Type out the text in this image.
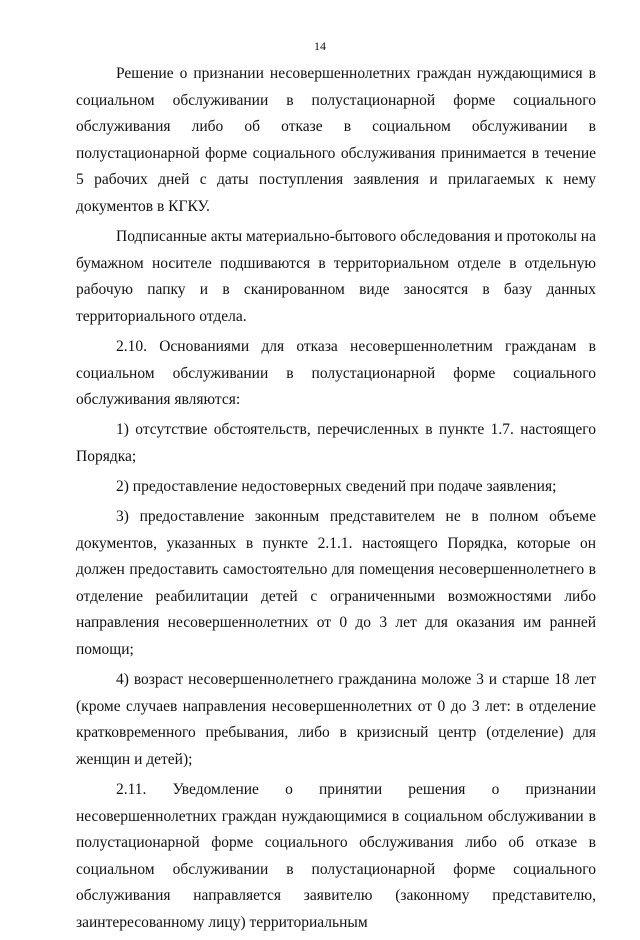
14

Решение о признании несовершеннолетних граждан нуждающимися в социальном обслуживании в полустационарной форме социального обслуживания либо об отказе в социальном обслуживании в полустационарной форме социального обслуживания принимается в течение 5 рабочих дней с даты поступления заявления и прилагаемых к нему документов в КГКУ.

Подписанные акты материально-бытового обследования и протоколы на бумажном носителе подшиваются в территориальном отделе в отдельную рабочую папку и в сканированном виде заносятся в базу данных территориального отдела.

2.10. Основаниями для отказа несовершеннолетним гражданам в социальном обслуживании в полустационарной форме социального обслуживания являются:

1) отсутствие обстоятельств, перечисленных в пункте 1.7. настоящего Порядка;

2) предоставление недостоверных сведений при подаче заявления;

3) предоставление законным представителем не в полном объеме документов, указанных в пункте 2.1.1. настоящего Порядка, которые он должен предоставить самостоятельно для помещения несовершеннолетнего в отделение реабилитации детей с ограниченными возможностями либо направления несовершеннолетних от 0 до 3 лет для оказания им ранней помощи;

4) возраст несовершеннолетнего гражданина моложе 3 и старше 18 лет (кроме случаев направления несовершеннолетних от 0 до 3 лет: в отделение кратковременного пребывания, либо в кризисный центр (отделение) для женщин и детей);

2.11. Уведомление о принятии решения о признании несовершеннолетних граждан нуждающимися в социальном обслуживании в полустационарной форме социального обслуживания либо об отказе в социальном обслуживании в полустационарной форме социального обслуживания направляется заявителю (законному представителю, заинтересованному лицу) территориальным
